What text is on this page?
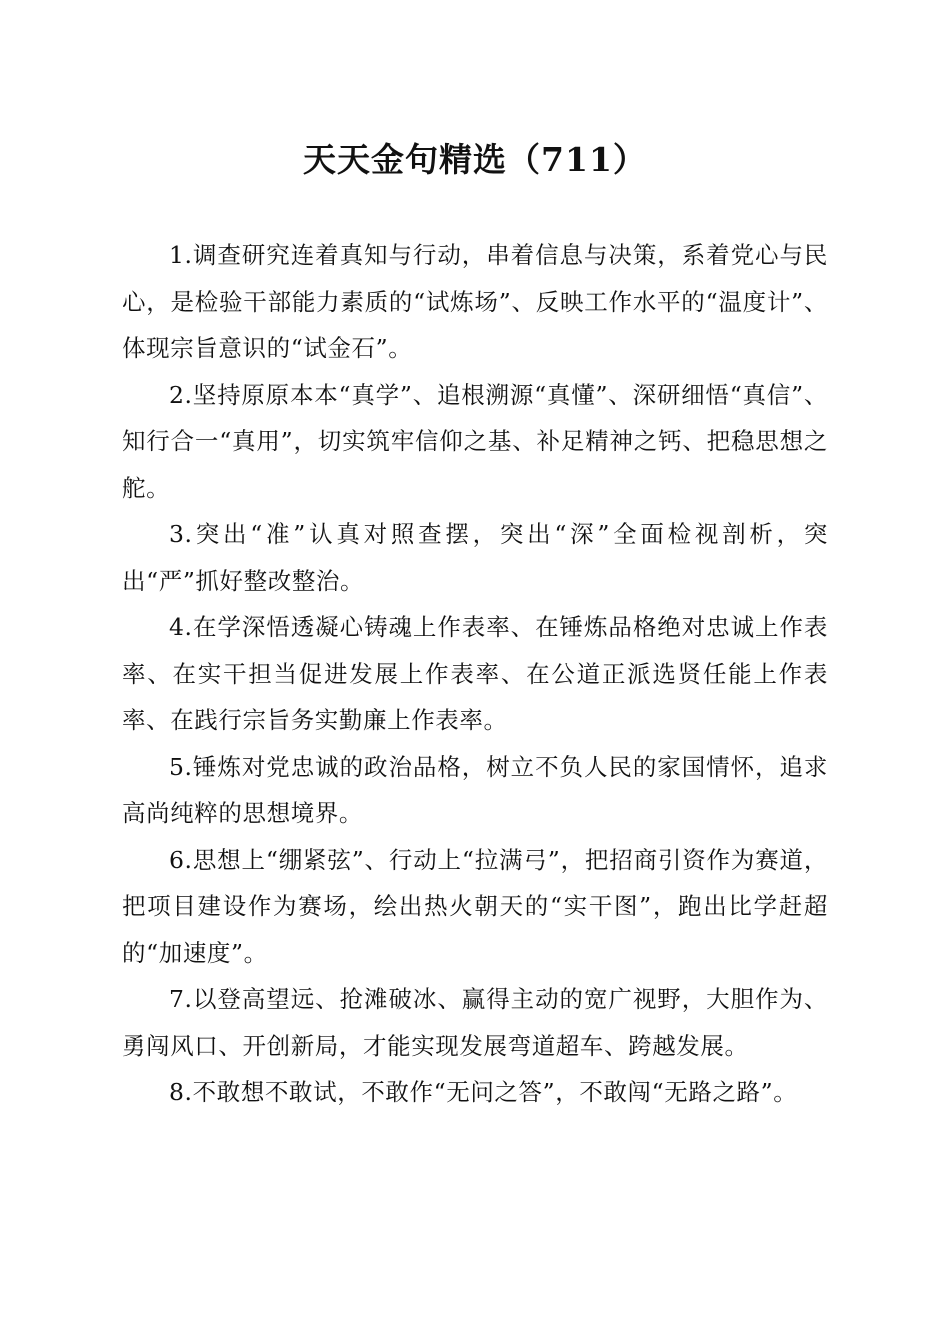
天天金句精选（711）

1.调查研究连着真知与行动，串着信息与决策，系着党心与民心，是检验干部能力素质的“试炼场”、反映工作水平的“温度计”、体现宗旨意识的“试金石”。

2.坚持原原本本“真学”、追根溯源“真懂”、深研细悟“真信”、知行合一“真用”，切实筑牢信仰之基、补足精神之钙、把稳思想之舵。

3.突出“准”认真对照查摆，突出“深”全面检视剖析，突出“严”抓好整改整治。

4.在学深悟透凝心铸魂上作表率、在锤炼品格绝对忠诚上作表率、在实干担当促进发展上作表率、在公道正派选贤任能上作表率、在践行宗旨务实勤廉上作表率。

5.锤炼对党忠诚的政治品格，树立不负人民的家国情怀，追求高尚纯粹的思想境界。

6.思想上“绷紧弦”、行动上“拉满弓”，把招商引资作为赛道，把项目建设作为赛场，绘出热火朝天的“实干图”，跑出比学赶超的“加速度”。

7.以登高望远、抢滩破冰、赢得主动的宽广视野，大胆作为、勇闯风口、开创新局，才能实现发展弯道超车、跨越发展。

8.不敢想不敢试，不敢作“无问之答”，不敢闯“无路之路”。
